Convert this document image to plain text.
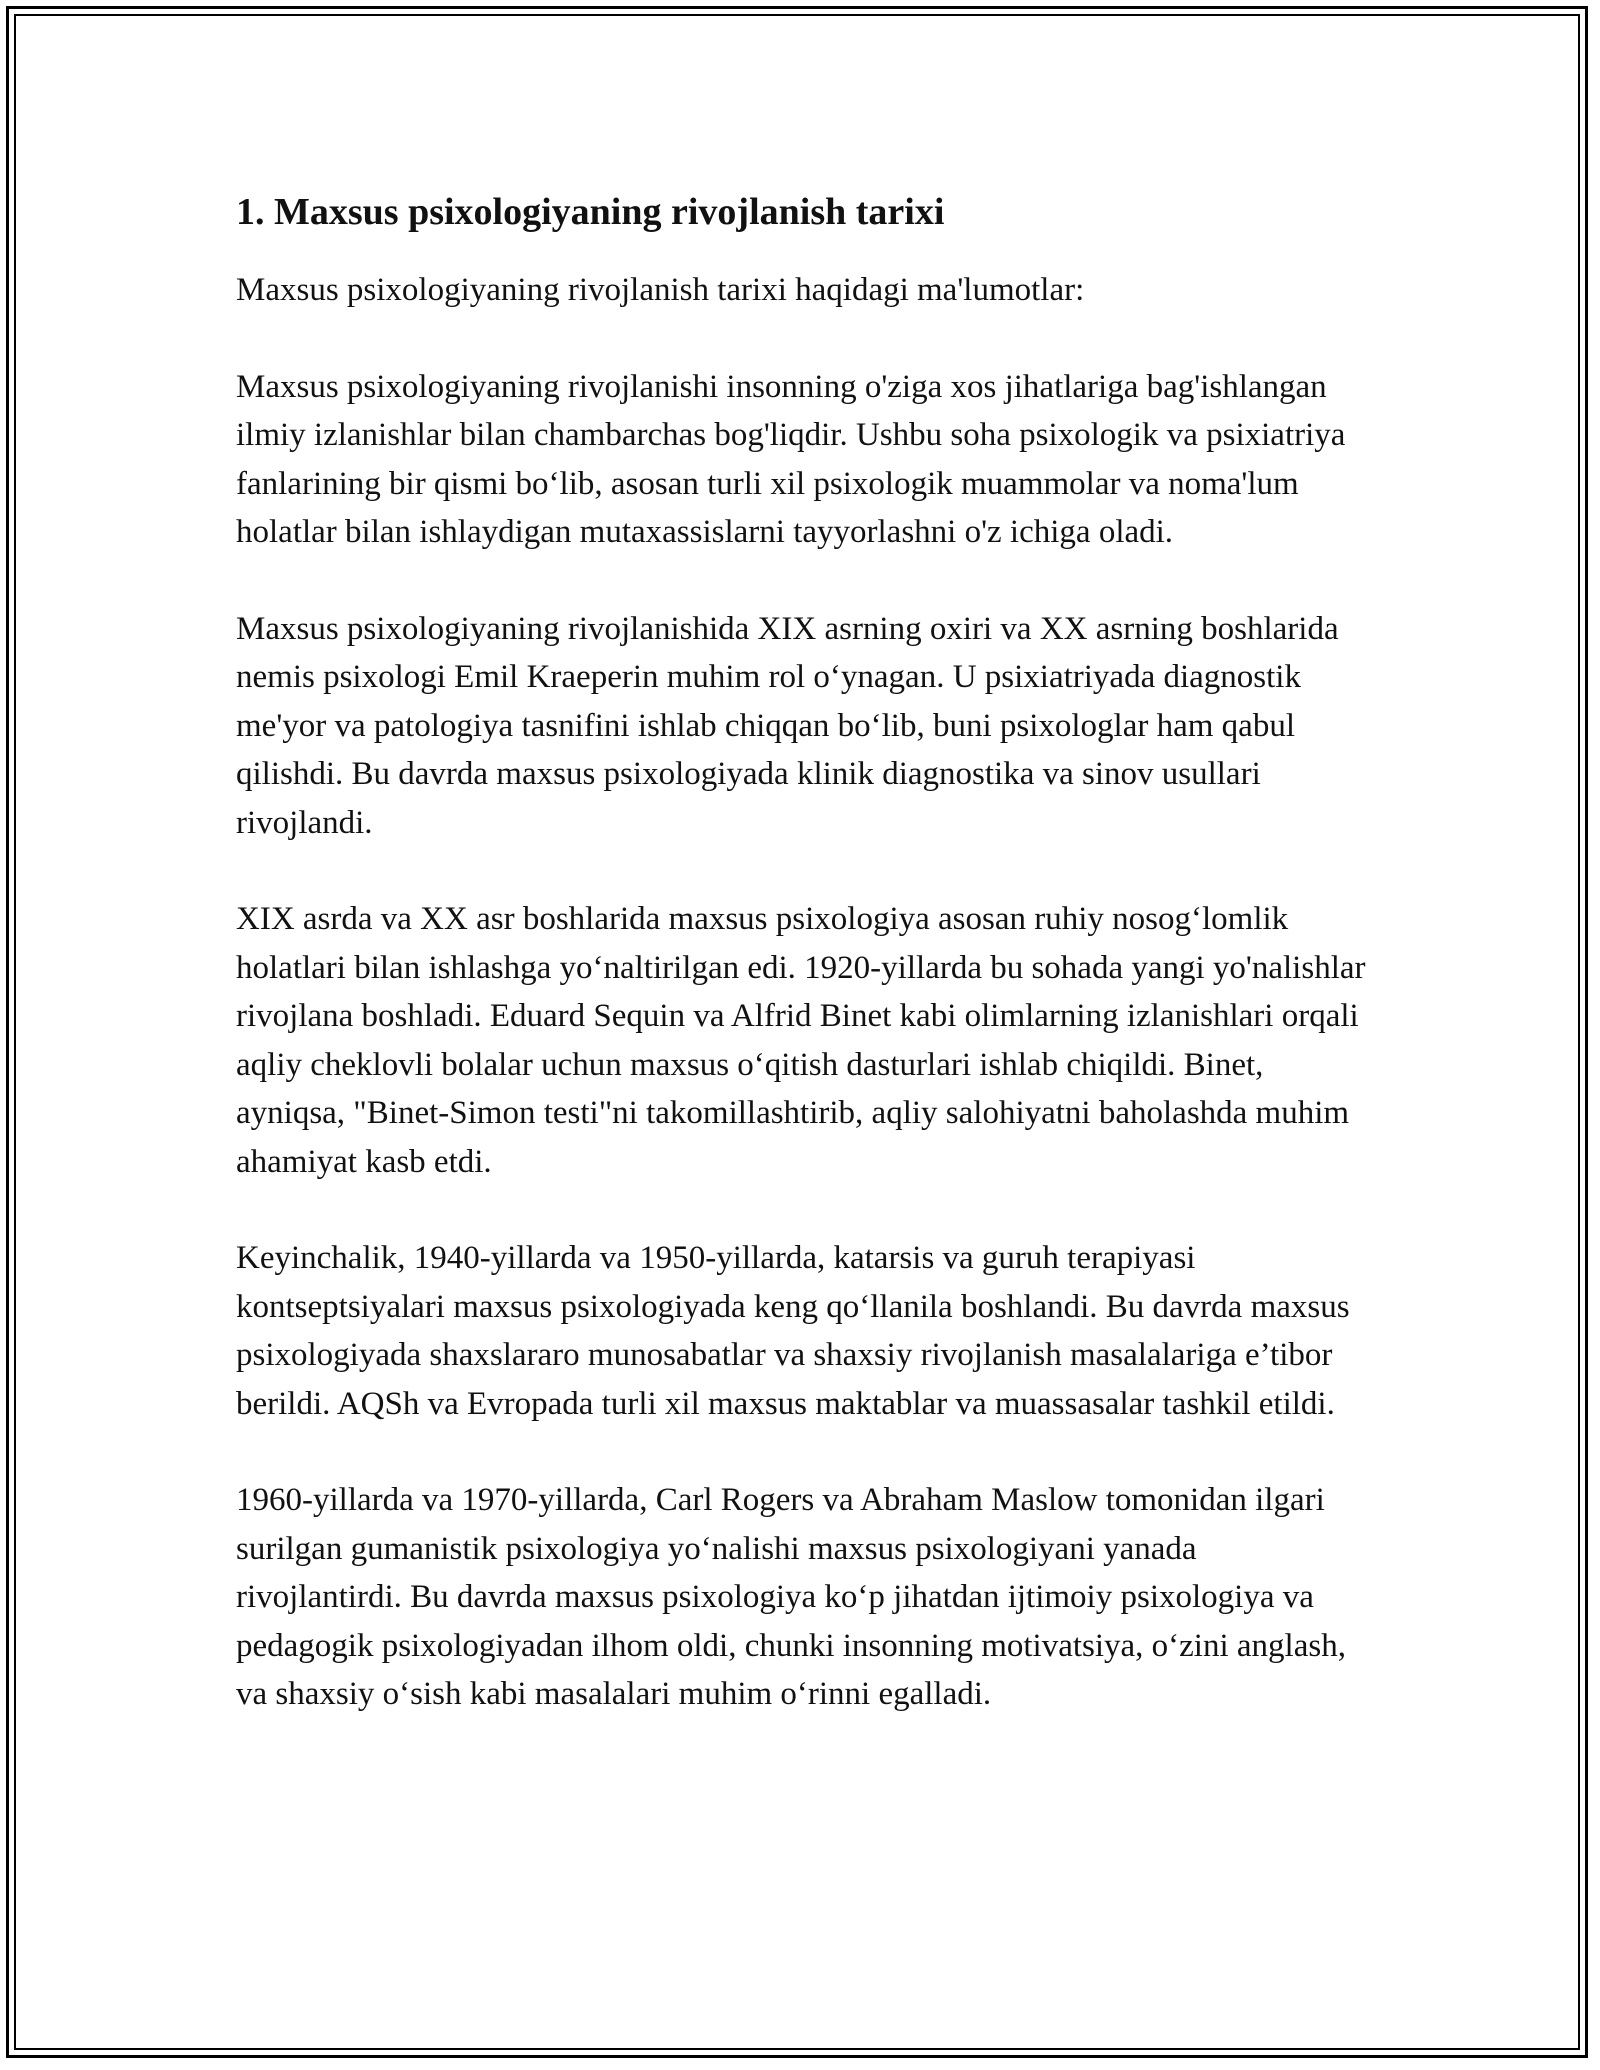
1. Maxsus psixologiyaning rivojlanish tarixi

Maxsus psixologiyaning rivojlanish tarixi haqidagi ma'lumotlar:

Maxsus psixologiyaning rivojlanishi insonning o'ziga xos jihatlariga bag'ishlangan ilmiy izlanishlar bilan chambarchas bog'liqdir. Ushbu soha psixologik va psixiatriya fanlarining bir qismi bo‘lib, asosan turli xil psixologik muammolar va noma'lum holatlar bilan ishlaydigan mutaxassislarni tayyorlashni o'z ichiga oladi.

Maxsus psixologiyaning rivojlanishida XIX asrning oxiri va XX asrning boshlarida nemis psixologi Emil Kraeperin muhim rol o‘ynagan. U psixiatriyada diagnostik me'yor va patologiya tasnifini ishlab chiqqan bo‘lib, buni psixologlar ham qabul qilishdi. Bu davrda maxsus psixologiyada klinik diagnostika va sinov usullari rivojlandi.

XIX asrda va XX asr boshlarida maxsus psixologiya asosan ruhiy nosog‘lomlik holatlari bilan ishlashga yo‘naltirilgan edi. 1920-yillarda bu sohada yangi yo'nalishlar rivojlana boshladi. Eduard Sequin va Alfrid Binet kabi olimlarning izlanishlari orqali aqliy cheklovli bolalar uchun maxsus o‘qitish dasturlari ishlab chiqildi. Binet, ayniqsa, "Binet-Simon testi"ni takomillashtirib, aqliy salohiyatni baholashda muhim ahamiyat kasb etdi.

Keyinchalik, 1940-yillarda va 1950-yillarda, katarsis va guruh terapiyasi kontseptsiyalari maxsus psixologiyada keng qo‘llanila boshlandi. Bu davrda maxsus psixologiyada shaxslararo munosabatlar va shaxsiy rivojlanish masalalariga e’tibor berildi. AQSh va Evropada turli xil maxsus maktablar va muassasalar tashkil etildi.

1960-yillarda va 1970-yillarda, Carl Rogers va Abraham Maslow tomonidan ilgari surilgan gumanistik psixologiya yo‘nalishi maxsus psixologiyani yanada rivojlantirdi. Bu davrda maxsus psixologiya ko‘p jihatdan ijtimoiy psixologiya va pedagogik psixologiyadan ilhom oldi, chunki insonning motivatsiya, o‘zini anglash, va shaxsiy o‘sish kabi masalalari muhim o‘rinni egalladi.
